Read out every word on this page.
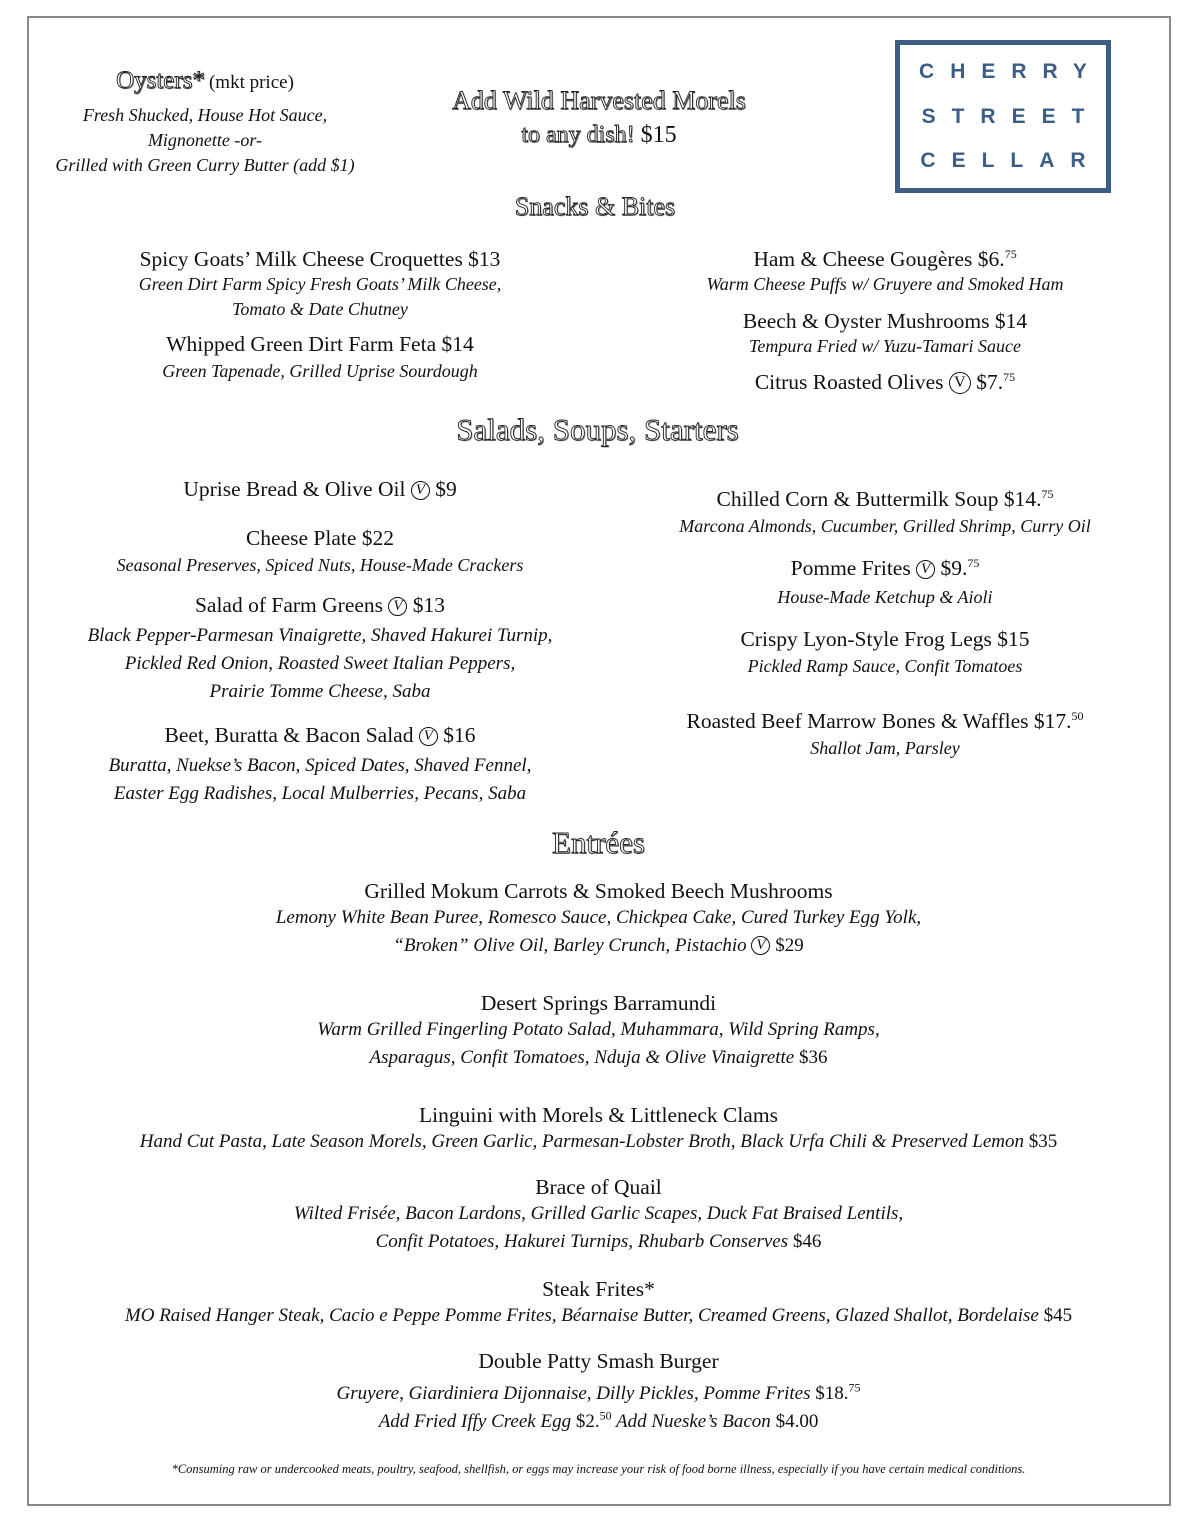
Oysters* (mkt price)
Fresh Shucked, House Hot Sauce,
Mignonette -or-
Grilled with Green Curry Butter (add $1)
Add Wild Harvested Morels
to any dish! $15
CHERRY
STREET
CELLAR
Snacks & Bites
Spicy Goats’ Milk Cheese Croquettes $13
Green Dirt Farm Spicy Fresh Goats’ Milk Cheese,
Tomato & Date Chutney
Whipped Green Dirt Farm Feta $14
Green Tapenade, Grilled Uprise Sourdough
Ham & Cheese Gougères $6.75
Warm Cheese Puffs w/ Gruyere and Smoked Ham
Beech & Oyster Mushrooms $14
Tempura Fried w/ Yuzu-Tamari Sauce
Citrus Roasted Olives V $7.75
Salads, Soups, Starters
Uprise Bread & Olive Oil V $9
Cheese Plate $22
Seasonal Preserves, Spiced Nuts, House-Made Crackers
Salad of Farm Greens V $13
Black Pepper-Parmesan Vinaigrette, Shaved Hakurei Turnip,
Pickled Red Onion, Roasted Sweet Italian Peppers,
Prairie Tomme Cheese, Saba
Beet, Buratta & Bacon Salad V $16
Buratta, Nuekse’s Bacon, Spiced Dates, Shaved Fennel,
Easter Egg Radishes, Local Mulberries, Pecans, Saba
Chilled Corn & Buttermilk Soup $14.75
Marcona Almonds, Cucumber, Grilled Shrimp, Curry Oil
Pomme Frites V $9.75
House-Made Ketchup & Aioli
Crispy Lyon-Style Frog Legs $15
Pickled Ramp Sauce, Confit Tomatoes
Roasted Beef Marrow Bones & Waffles $17.50
Shallot Jam, Parsley
Entrées
Grilled Mokum Carrots & Smoked Beech Mushrooms
Lemony White Bean Puree, Romesco Sauce, Chickpea Cake, Cured Turkey Egg Yolk,
“Broken” Olive Oil, Barley Crunch, Pistachio V $29
Desert Springs Barramundi
Warm Grilled Fingerling Potato Salad, Muhammara, Wild Spring Ramps,
Asparagus, Confit Tomatoes, Nduja & Olive Vinaigrette $36
Linguini with Morels & Littleneck Clams
Hand Cut Pasta, Late Season Morels, Green Garlic, Parmesan-Lobster Broth, Black Urfa Chili & Preserved Lemon $35
Brace of Quail
Wilted Frisée, Bacon Lardons, Grilled Garlic Scapes, Duck Fat Braised Lentils,
Confit Potatoes, Hakurei Turnips, Rhubarb Conserves $46
Steak Frites*
MO Raised Hanger Steak, Cacio e Peppe Pomme Frites, Béarnaise Butter, Creamed Greens, Glazed Shallot, Bordelaise $45
Double Patty Smash Burger
Gruyere, Giardiniera Dijonnaise, Dilly Pickles, Pomme Frites $18.75
Add Fried Iffy Creek Egg $2.50 Add Nueske’s Bacon $4.00
*Consuming raw or undercooked meats, poultry, seafood, shellfish, or eggs may increase your risk of food borne illness, especially if you have certain medical conditions.
